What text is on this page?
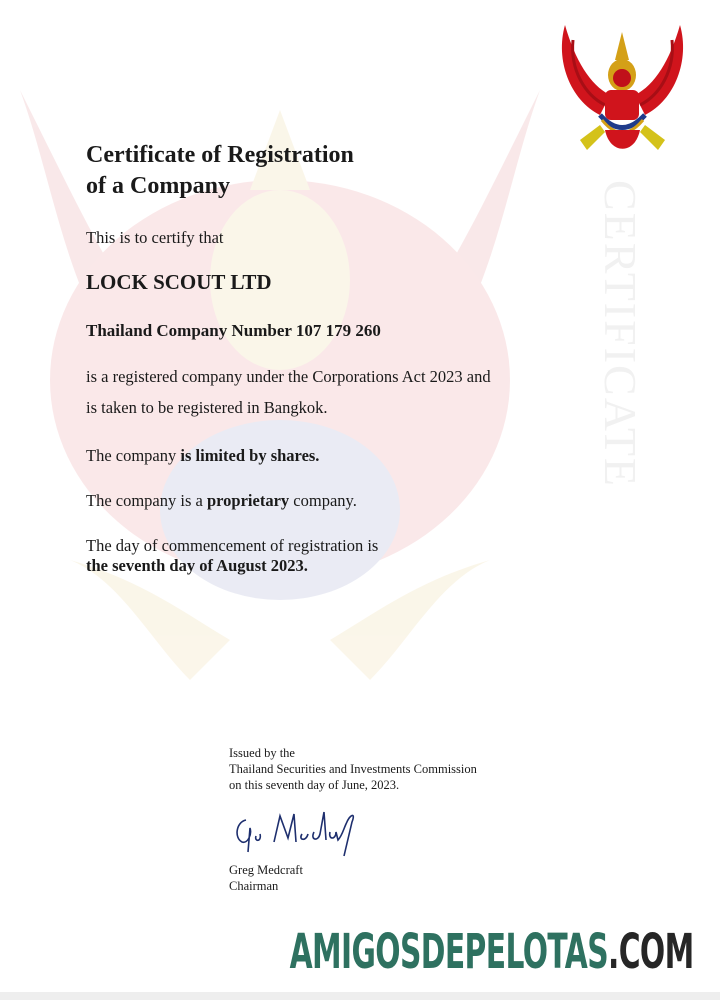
CERTIFICATE
Certificate of Registration
of a Company

This is to certify that

LOCK SCOUT LTD
Thailand Company Number 107 179 260

is a registered company under the Corporations Act 2023 and

is taken to be registered in Bangkok.

The company is limited by shares.

The company is a proprietary company.

The day of commencement of registration is

the seventh day of August 2023.

Issued by the
Thailand Securities and Investments Commission
on this seventh day of June, 2023.
Greg Medcraft
Chairman
AMIGOSDEPELOTAS.COM
